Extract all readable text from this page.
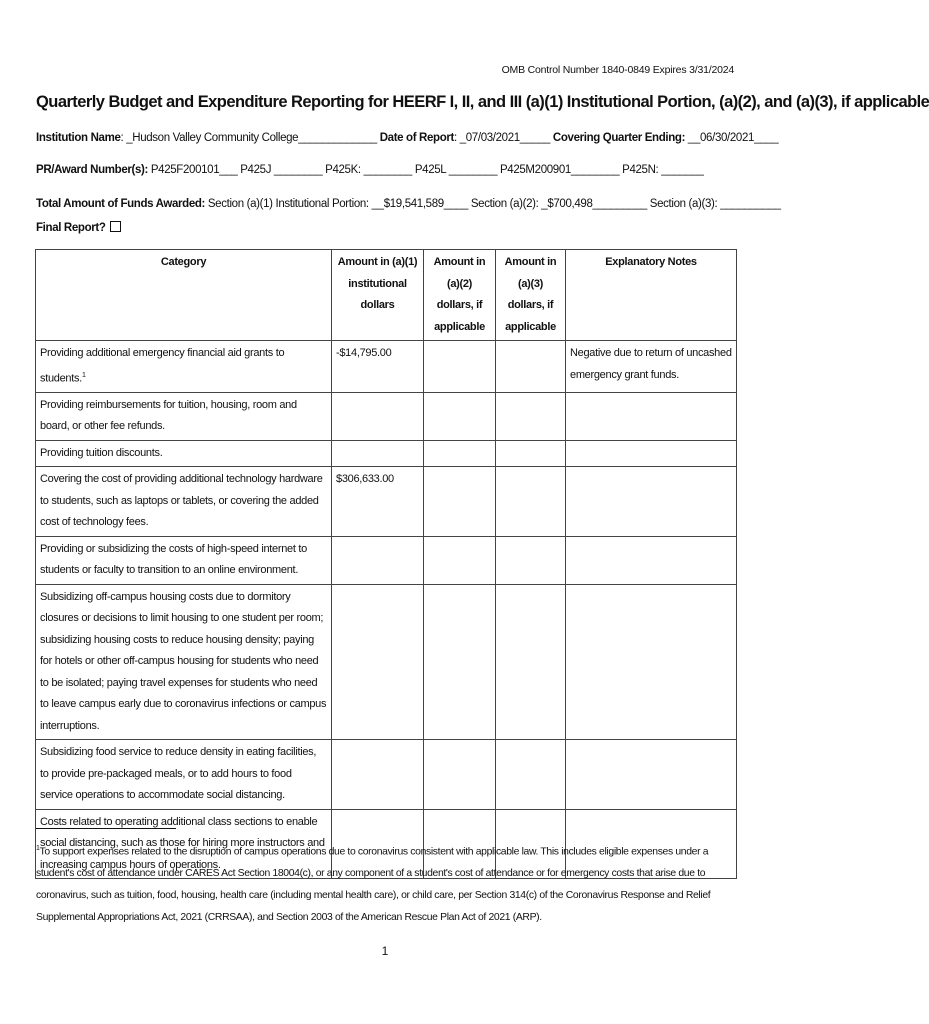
OMB Control Number 1840-0849 Expires 3/31/2024
Quarterly Budget and Expenditure Reporting for HEERF I, II, and III (a)(1) Institutional Portion, (a)(2), and (a)(3), if applicable
Institution Name: _Hudson Valley Community College_____________ Date of Report: _07/03/2021_____ Covering Quarter Ending: __06/30/2021____
PR/Award Number(s): P425F200101___ P425J ________ P425K: ________ P425L ________ P425M200901________ P425N: _______
Total Amount of Funds Awarded: Section (a)(1) Institutional Portion: __$19,541,589____ Section (a)(2): _$700,498_________ Section (a)(3): __________
Final Report?
Category	Amount in (a)(1) institutional dollars	Amount in (a)(2) dollars, if applicable	Amount in (a)(3) dollars, if applicable	Explanatory Notes
Providing additional emergency financial aid grants to students.$^1$	-$14,795.00			Negative due to return of uncashed emergency grant funds.
Providing reimbursements for tuition, housing, room and board, or other fee refunds.				
Providing tuition discounts.				
Covering the cost of providing additional technology hardware to students, such as laptops or tablets, or covering the added cost of technology fees.	$306,633.00			
Providing or subsidizing the costs of high-speed internet to students or faculty to transition to an online environment.				
Subsidizing off-campus housing costs due to dormitory closures or decisions to limit housing to one student per room; subsidizing housing costs to reduce housing density; paying for hotels or other off-campus housing for students who need to be isolated; paying travel expenses for students who need to leave campus early due to coronavirus infections or campus interruptions.				
Subsidizing food service to reduce density in eating facilities, to provide pre-packaged meals, or to add hours to food service operations to accommodate social distancing.				
Costs related to operating additional class sections to enable social distancing, such as those for hiring more instructors and increasing campus hours of operations.				
$^1$To support expenses related to the disruption of campus operations due to coronavirus consistent with applicable law. This includes eligible expenses under a student's cost of attendance under CARES Act Section 18004(c), or any component of a student's cost of attendance or for emergency costs that arise due to coronavirus, such as tuition, food, housing, health care (including mental health care), or child care, per Section 314(c) of the Coronavirus Response and Relief Supplemental Appropriations Act, 2021 (CRRSAA), and Section 2003 of the American Rescue Plan Act of 2021 (ARP).
1
